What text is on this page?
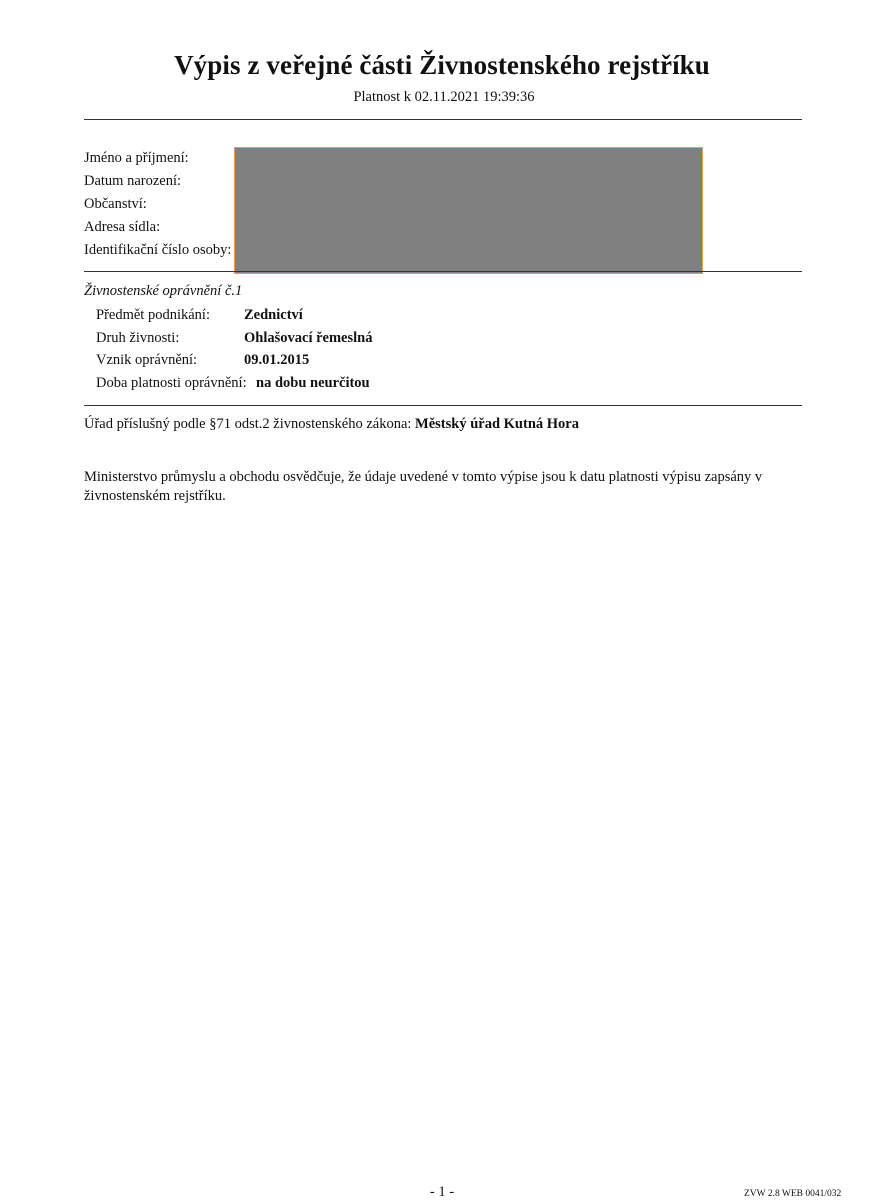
Výpis z veřejné části Živnostenského rejstříku
Platnost k 02.11.2021 19:39:36
Jméno a příjmení:
Datum narození:
Občanství:
Adresa sídla:
Identifikační číslo osoby:
Živnostenské oprávnění č.1
Předmět podnikání: Zednictví
Druh živnosti:	Ohlašovací řemeslná
Vznik oprávnění:	09.01.2015
Doba platnosti oprávnění: na dobu neurčitou
Úřad příslušný podle §71 odst.2 živnostenského zákona: Městský úřad Kutná Hora
Ministerstvo průmyslu a obchodu osvědčuje, že údaje uvedené v tomto výpise jsou k datu platnosti výpisu zapsány v živnostenském rejstříku.
- 1 -	ZVW 2.8 WEB 0041/032
